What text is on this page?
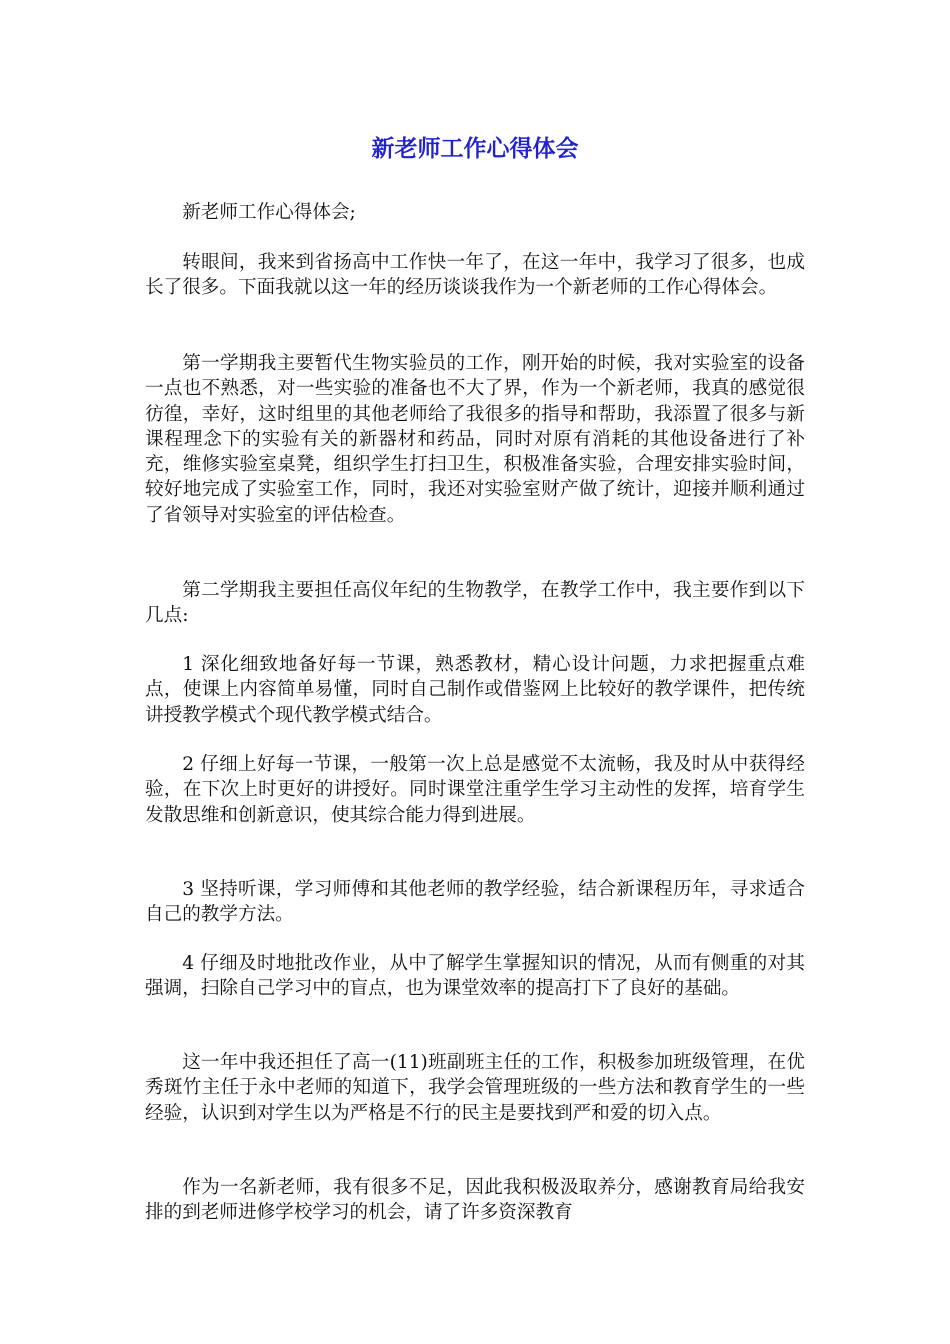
新老师工作心得体会

新老师工作心得体会;

转眼间，我来到省扬高中工作快一年了，在这一年中，我学习了很多，也成长了很多。下面我就以这一年的经历谈谈我作为一个新老师的工作心得体会。

第一学期我主要暂代生物实验员的工作，刚开始的时候，我对实验室的设备一点也不熟悉，对一些实验的准备也不大了界，作为一个新老师，我真的感觉很彷徨，幸好，这时组里的其他老师给了我很多的指导和帮助，我添置了很多与新课程理念下的实验有关的新器材和药品，同时对原有消耗的其他设备进行了补充，维修实验室桌凳，组织学生打扫卫生，积极准备实验，合理安排实验时间，较好地完成了实验室工作，同时，我还对实验室财产做了统计，迎接并顺利通过了省领导对实验室的评估检查。

第二学期我主要担任高仪年纪的生物教学，在教学工作中，我主要作到以下几点:

1 深化细致地备好每一节课，熟悉教材，精心设计问题，力求把握重点难点，使课上内容简单易懂，同时自己制作或借鉴网上比较好的教学课件，把传统讲授教学模式个现代教学模式结合。

2 仔细上好每一节课，一般第一次上总是感觉不太流畅，我及时从中获得经验，在下次上时更好的讲授好。同时课堂注重学生学习主动性的发挥，培育学生发散思维和创新意识，使其综合能力得到进展。

3 坚持听课，学习师傅和其他老师的教学经验，结合新课程历年，寻求适合自己的教学方法。

4 仔细及时地批改作业，从中了解学生掌握知识的情况，从而有侧重的对其强调，扫除自己学习中的盲点，也为课堂效率的提高打下了良好的基础。

这一年中我还担任了高一(11)班副班主任的工作，积极参加班级管理，在优秀斑竹主任于永中老师的知道下，我学会管理班级的一些方法和教育学生的一些经验，认识到对学生以为严格是不行的民主是要找到严和爱的切入点。

作为一名新老师，我有很多不足，因此我积极汲取养分，感谢教育局给我安排的到老师进修学校学习的机会，请了许多资深教育
